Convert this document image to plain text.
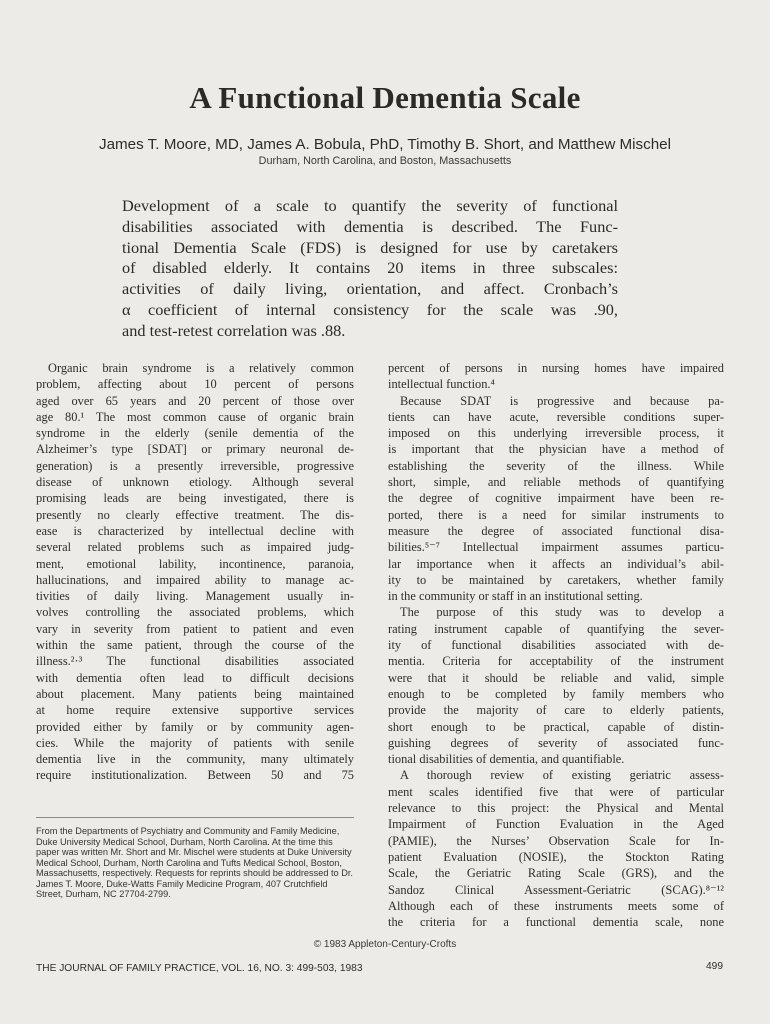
A Functional Dementia Scale
James T. Moore, MD, James A. Bobula, PhD, Timothy B. Short, and Matthew Mischel
Durham, North Carolina, and Boston, Massachusetts
Development of a scale to quantify the severity of functional
disabilities associated with dementia is described. The Func-
tional Dementia Scale (FDS) is designed for use by caretakers
of disabled elderly. It contains 20 items in three subscales:
activities of daily living, orientation, and affect. Cronbach’s
α coefficient of internal consistency for the scale was .90,
and test-retest correlation was .88.
Organic brain syndrome is a relatively common
problem, affecting about 10 percent of persons
aged over 65 years and 20 percent of those over
age 80.¹ The most common cause of organic brain
syndrome in the elderly (senile dementia of the
Alzheimer’s type [SDAT] or primary neuronal de-
generation) is a presently irreversible, progressive
disease of unknown etiology. Although several
promising leads are being investigated, there is
presently no clearly effective treatment. The dis-
ease is characterized by intellectual decline with
several related problems such as impaired judg-
ment, emotional lability, incontinence, paranoia,
hallucinations, and impaired ability to manage ac-
tivities of daily living. Management usually in-
volves controlling the associated problems, which
vary in severity from patient to patient and even
within the same patient, through the course of the
illness.²·³ The functional disabilities associated
with dementia often lead to difficult decisions
about placement. Many patients being maintained
at home require extensive supportive services
provided either by family or by community agen-
cies. While the majority of patients with senile
dementia live in the community, many ultimately
require institutionalization. Between 50 and 75
From the Departments of Psychiatry and Community and Family Medicine, Duke University Medical School, Durham, North Carolina. At the time this paper was written Mr. Short and Mr. Mischel were students at Duke University Medical School, Durham, North Carolina and Tufts Medical School, Boston, Massachusetts, respectively. Requests for reprints should be addressed to Dr. James T. Moore, Duke-Watts Family Medicine Program, 407 Crutchfield Street, Durham, NC 27704-2799.
percent of persons in nursing homes have impaired
intellectual function.⁴
Because SDAT is progressive and because pa-
tients can have acute, reversible conditions super-
imposed on this underlying irreversible process, it
is important that the physician have a method of
establishing the severity of the illness. While
short, simple, and reliable methods of quantifying
the degree of cognitive impairment have been re-
ported, there is a need for similar instruments to
measure the degree of associated functional disa-
bilities.⁵⁻⁷ Intellectual impairment assumes particu-
lar importance when it affects an individual’s abil-
ity to be maintained by caretakers, whether family
in the community or staff in an institutional setting.
The purpose of this study was to develop a
rating instrument capable of quantifying the sever-
ity of functional disabilities associated with de-
mentia. Criteria for acceptability of the instrument
were that it should be reliable and valid, simple
enough to be completed by family members who
provide the majority of care to elderly patients,
short enough to be practical, capable of distin-
guishing degrees of severity of associated func-
tional disabilities of dementia, and quantifiable.
A thorough review of existing geriatric assess-
ment scales identified five that were of particular
relevance to this project: the Physical and Mental
Impairment of Function Evaluation in the Aged
(PAMIE), the Nurses’ Observation Scale for In-
patient Evaluation (NOSIE), the Stockton Rating
Scale, the Geriatric Rating Scale (GRS), and the
Sandoz Clinical Assessment-Geriatric (SCAG).⁸⁻¹²
Although each of these instruments meets some of
the criteria for a functional dementia scale, none
© 1983 Appleton-Century-Crofts
THE JOURNAL OF FAMILY PRACTICE, VOL. 16, NO. 3: 499-503, 1983	499
